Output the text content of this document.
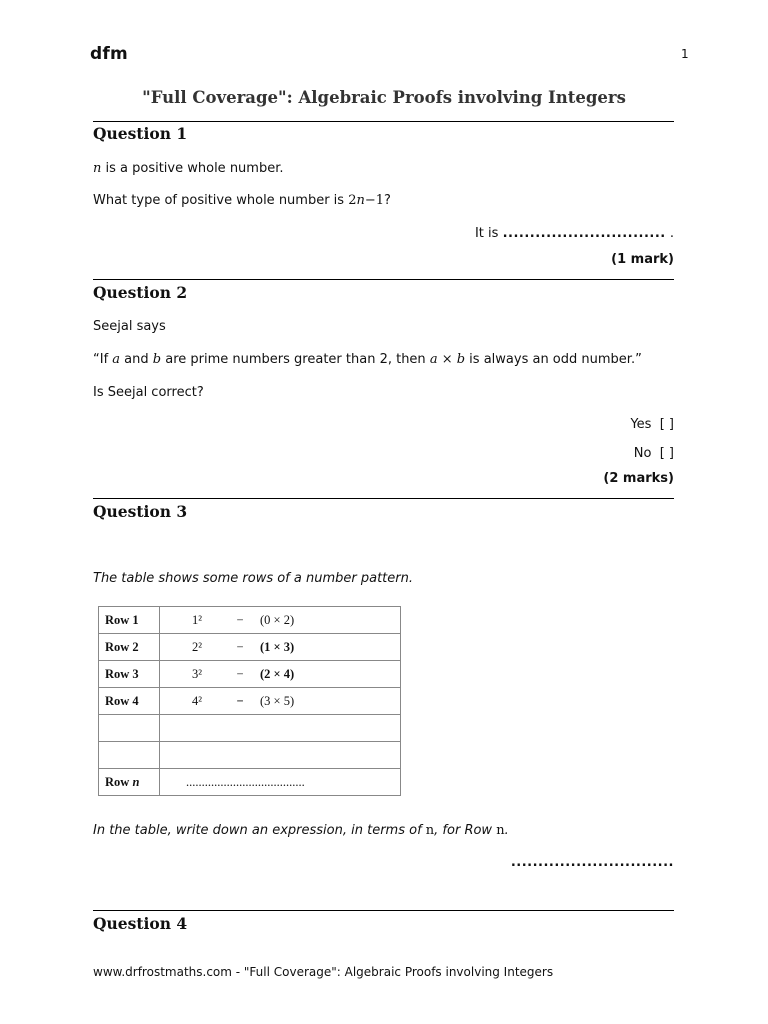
dfm	1
"Full Coverage": Algebraic Proofs involving Integers
Question 1
n is a positive whole number.
What type of positive whole number is 2n−1?
It is .............................. .
(1 mark)
Question 2
Seejal says
“If a and b are prime numbers greater than 2, then a × b is always an odd number.”
Is Seejal correct?
Yes [ ]
No [ ]
(2 marks)
Question 3
The table shows some rows of a number pattern.
Row 1	1² − (0 × 2)
Row 2	2² − (1 × 3)
Row 3	3² − (2 × 4)
Row 4	4² − (3 × 5)

Row n	......................................
In the table, write down an expression, in terms of n, for Row n.
..............................
Question 4
www.drfrostmaths.com - "Full Coverage": Algebraic Proofs involving Integers
